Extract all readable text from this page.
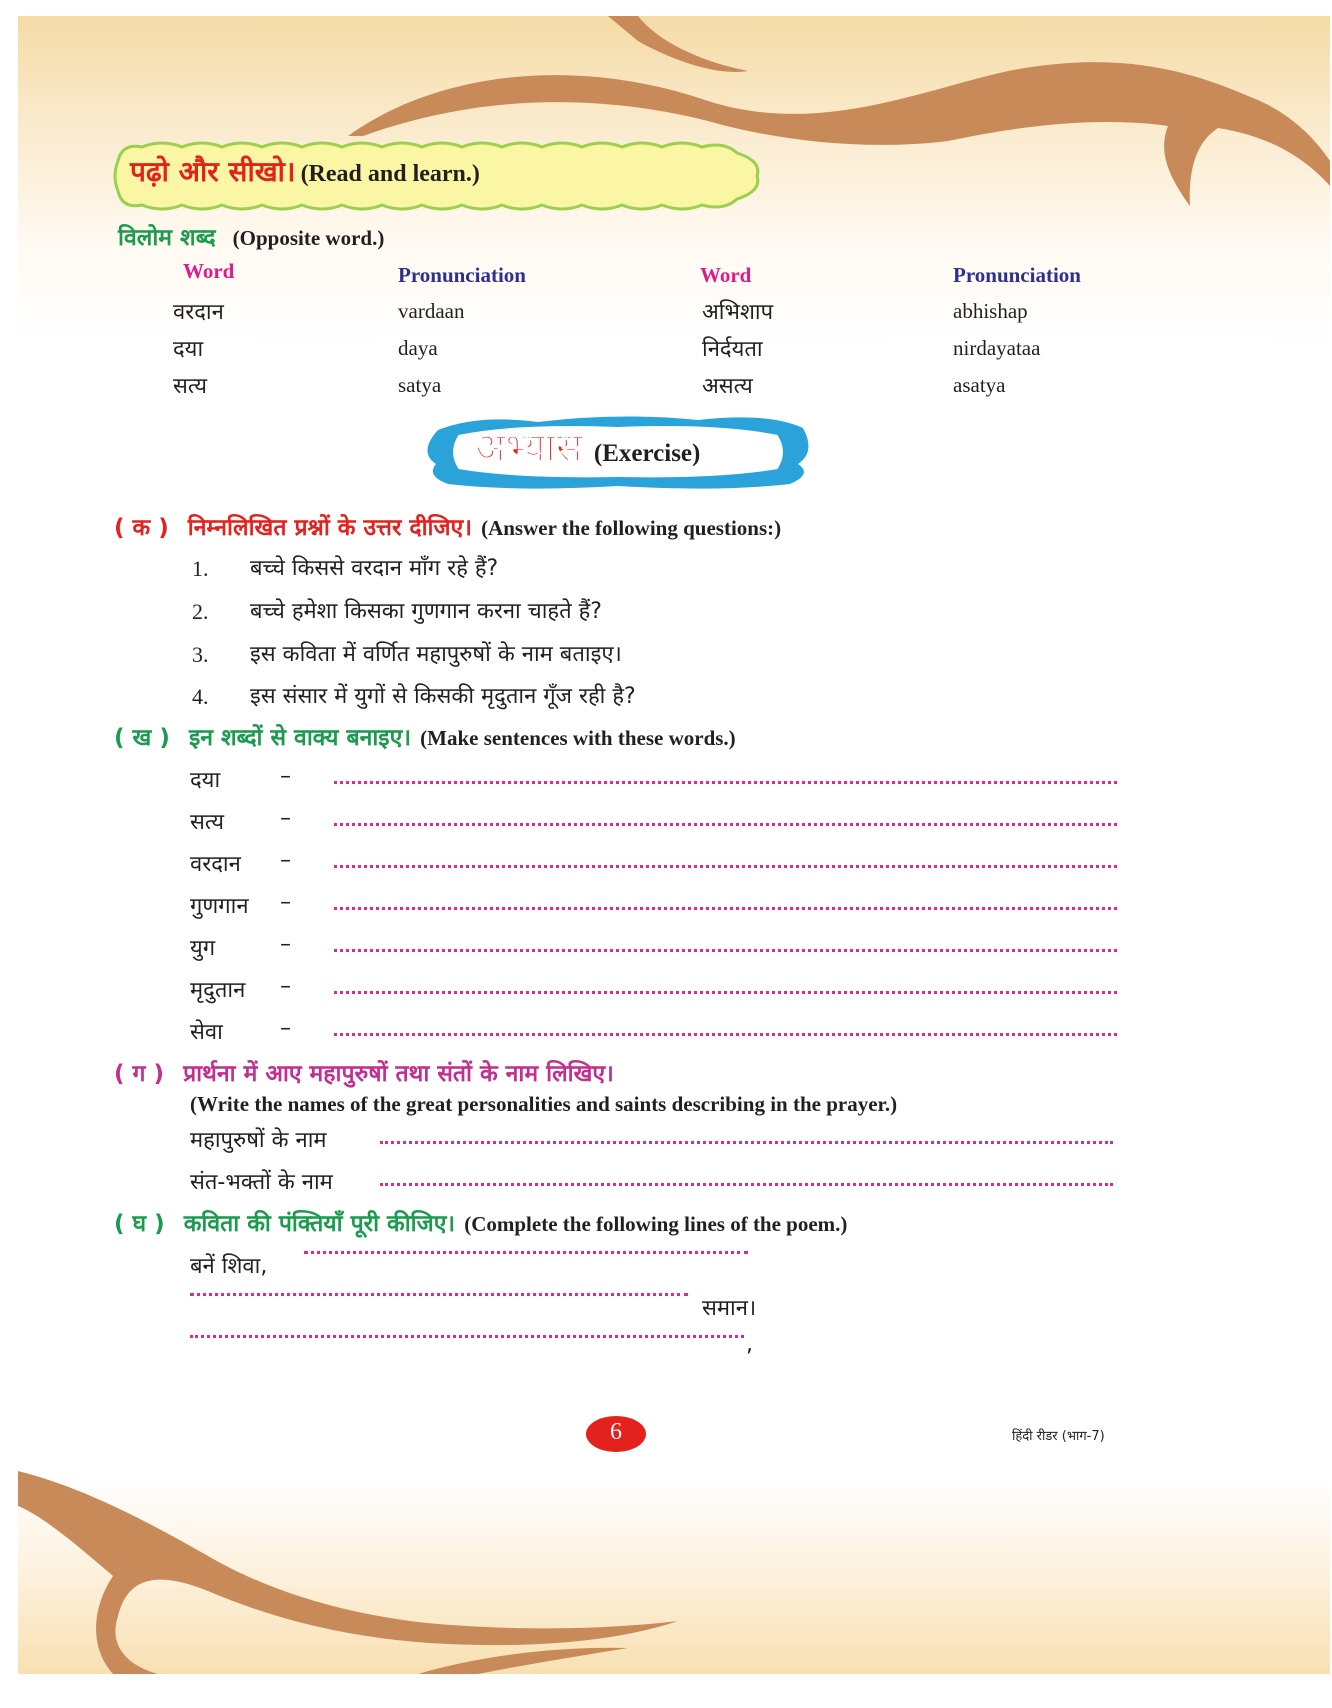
पढ़ो और सीखो। (Read and learn.)
विलोम शब्द (Opposite word.)
Word	Pronunciation	Word	Pronunciation
वरदान	vardaan	अभिशाप	abhishap
दया	daya	निर्दयता	nirdayataa
सत्य	satya	असत्य	asatya
अभ्यास (Exercise)
( क ) निम्नलिखित प्रश्नों के उत्तर दीजिए। (Answer the following questions:)
1. बच्चे किससे वरदान माँग रहे हैं?
2. बच्चे हमेशा किसका गुणगान करना चाहते हैं?
3. इस कविता में वर्णित महापुरुषों के नाम बताइए।
4. इस संसार में युगों से किसकी मृदुतान गूँज रही है?
( ख ) इन शब्दों से वाक्य बनाइए। (Make sentences with these words.)
दया	–
सत्य	–
वरदान –
गुणगान –
युग	–
मृदुतान –
सेवा	–
( ग ) प्रार्थना में आए महापुरुषों तथा संतों के नाम लिखिए।
(Write the names of the great personalities and saints describing in the prayer.)
महापुरुषों के नाम
संत-भक्तों के नाम
( घ ) कविता की पंक्तियाँ पूरी कीजिए। (Complete the following lines of the poem.)
बनें शिवा,
समान।
,
6	हिंदी रीडर (भाग-7)
